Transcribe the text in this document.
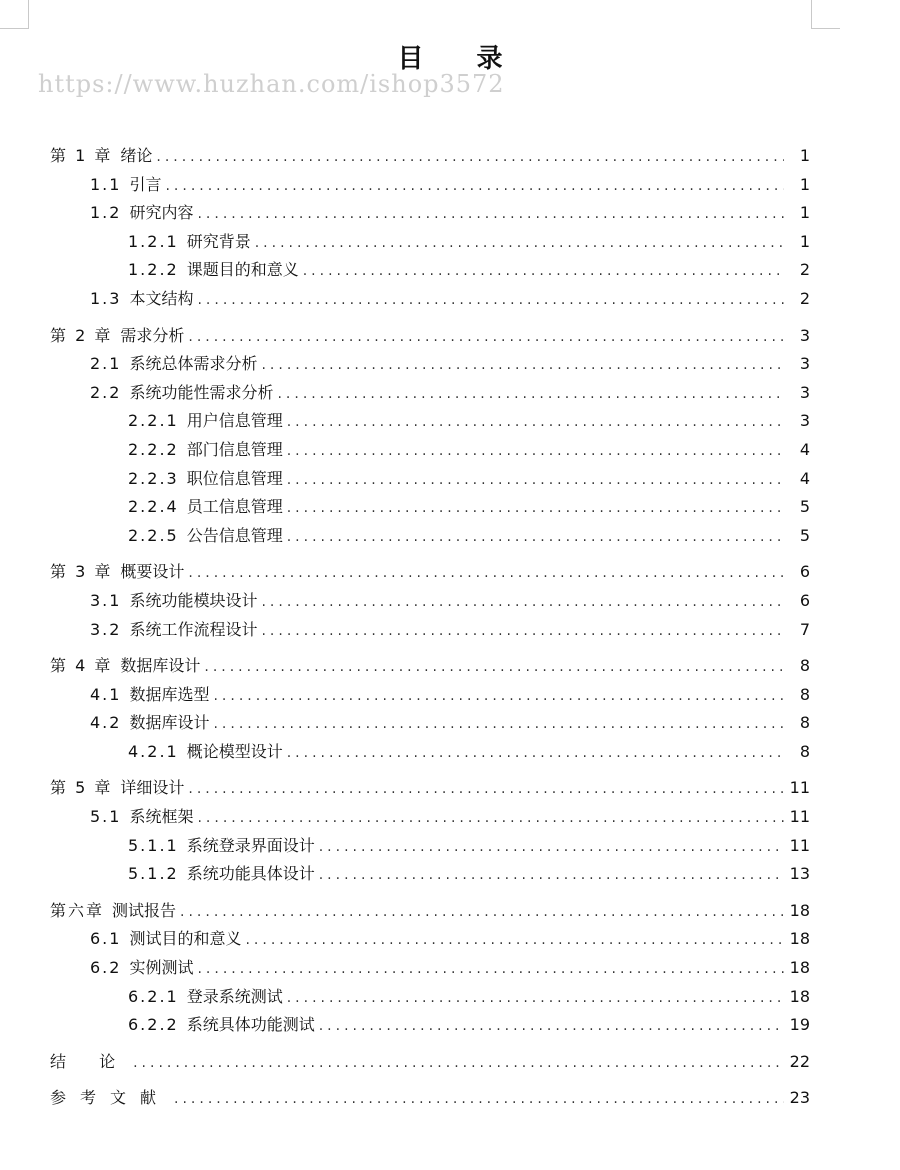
目 录
https://www.huzhan.com/ishop3572
第 1 章 绪论 .....	1
1.1 引言 .....	1
1.2 研究内容 .....	1
1.2.1 研究背景 .....	1
1.2.2 课题目的和意义 .....	2
1.3 本文结构 .....	2
第 2 章 需求分析 .....	3
2.1 系统总体需求分析 .....	3
2.2 系统功能性需求分析 .....	3
2.2.1 用户信息管理 .....	3
2.2.2 部门信息管理 .....	4
2.2.3 职位信息管理 .....	4
2.2.4 员工信息管理 .....	5
2.2.5 公告信息管理 .....	5
第 3 章 概要设计 .....	6
3.1 系统功能模块设计 .....	6
3.2 系统工作流程设计 .....	7
第 4 章 数据库设计 .....	8
4.1 数据库选型 .....	8
4.2 数据库设计 .....	8
4.2.1 概论模型设计 .....	8
第 5 章 详细设计 .....	11
5.1 系统框架 .....	11
5.1.1 系统登录界面设计 .....	11
5.1.2 系统功能具体设计 .....	13
第六章 测试报告 .....	18
6.1 测试目的和意义 .....	18
6.2 实例测试 .....	18
6.2.1 登录系统测试 .....	18
6.2.2 系统具体功能测试 .....	19
结 论 .....	22
参考文献 .....	23
